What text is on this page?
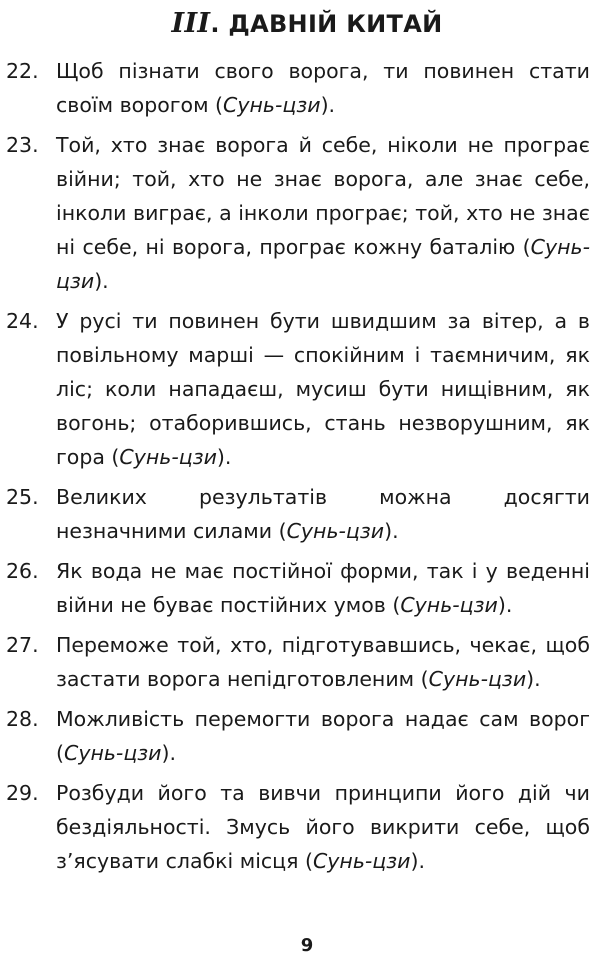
III. ДАВНІЙ КИТАЙ
22. Щоб пізнати свого ворога, ти повинен стати своїм ворогом (Сунь-цзи).
23. Той, хто знає ворога й себе, ніколи не програє війни; той, хто не знає ворога, але знає себе, інколи виграє, а інколи програє; той, хто не знає ні себе, ні ворога, програє кожну баталію (Сунь-цзи).
24. У русі ти повинен бути швидшим за вітер, а в повільному марші — спокійним і таємничим, як ліс; коли нападаєш, мусиш бути нищівним, як вогонь; отаборившись, стань незворушним, як гора (Сунь-цзи).
25. Великих результатів можна досягти незначними силами (Сунь-цзи).
26. Як вода не має постійної форми, так і у веденні війни не буває постійних умов (Сунь-цзи).
27. Переможе той, хто, підготувавшись, чекає, щоб застати ворога непідготовленим (Сунь-цзи).
28. Можливість перемогти ворога надає сам ворог (Сунь-цзи).
29. Розбуди його та вивчи принципи його дій чи бездіяльності. Змусь його викрити себе, щоб з’ясувати слабкі місця (Сунь-цзи).
9
